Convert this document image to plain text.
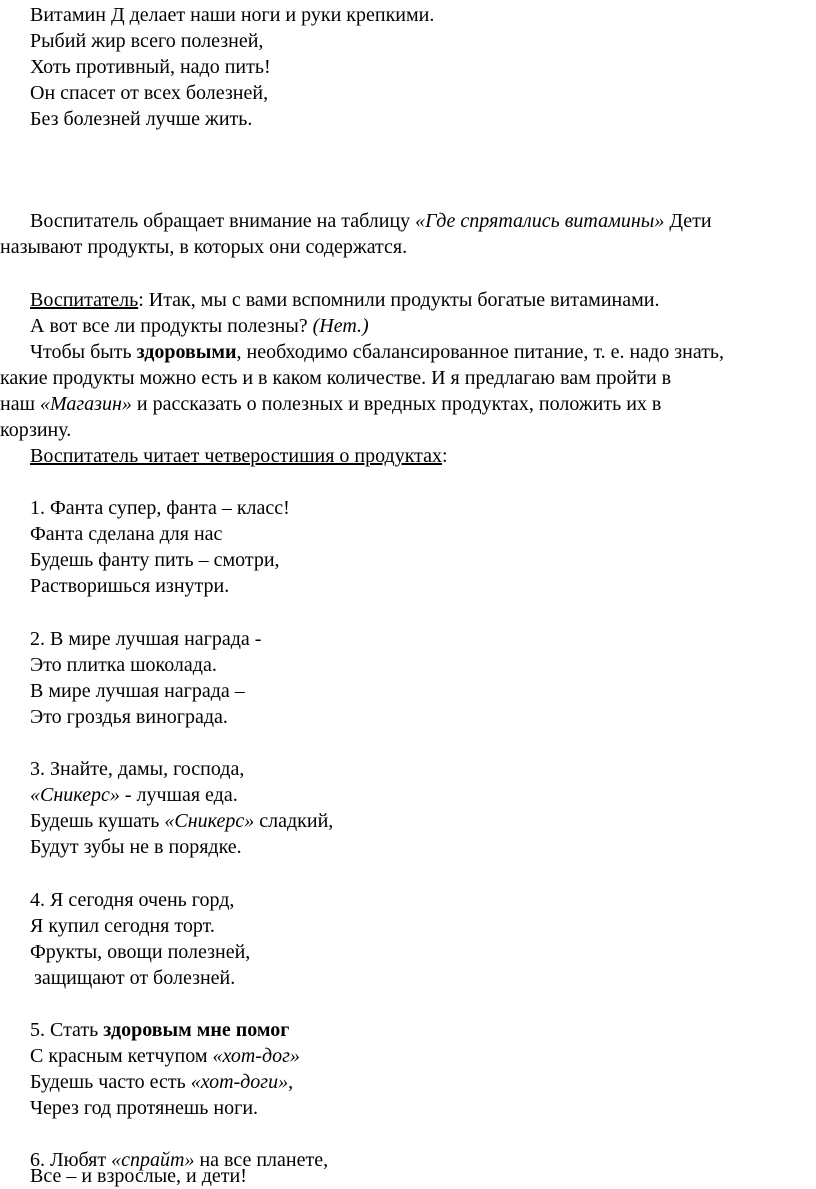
Витамин Д делает наши ноги и руки крепкими.
Рыбий жир всего полезней,
Хоть противный, надо пить!
Он спасет от всех болезней,
Без болезней лучше жить.
Воспитатель обращает внимание на таблицу «Где спрятались витамины» Дети
называют продукты, в которых они содержатся.
Воспитатель: Итак, мы с вами вспомнили продукты богатые витаминами.
А вот все ли продукты полезны? (Нет.)
Чтобы быть здоровыми, необходимо сбалансированное питание, т. е. надо знать,
какие продукты можно есть и в каком количестве. И я предлагаю вам пройти в
наш «Магазин» и рассказать о полезных и вредных продуктах, положить их в
корзину.
Воспитатель читает четверостишия о продуктах:
1. Фанта супер, фанта – класс!
Фанта сделана для нас
Будешь фанту пить – смотри,
Растворишься изнутри.
2. В мире лучшая награда -
Это плитка шоколада.
В мире лучшая награда –
Это гроздья винограда.
3. Знайте, дамы, господа,
«Сникерс» - лучшая еда.
Будешь кушать «Сникерс» сладкий,
Будут зубы не в порядке.
4. Я сегодня очень горд,
Я купил сегодня торт.
Фрукты, овощи полезней,
защищают от болезней.
5. Стать здоровым мне помог
С красным кетчупом «хот-дог»
Будешь часто есть «хот-доги»,
Через год протянешь ноги.
6. Любят «спрайт» на все планете,
Все – и взрослые, и дети!
